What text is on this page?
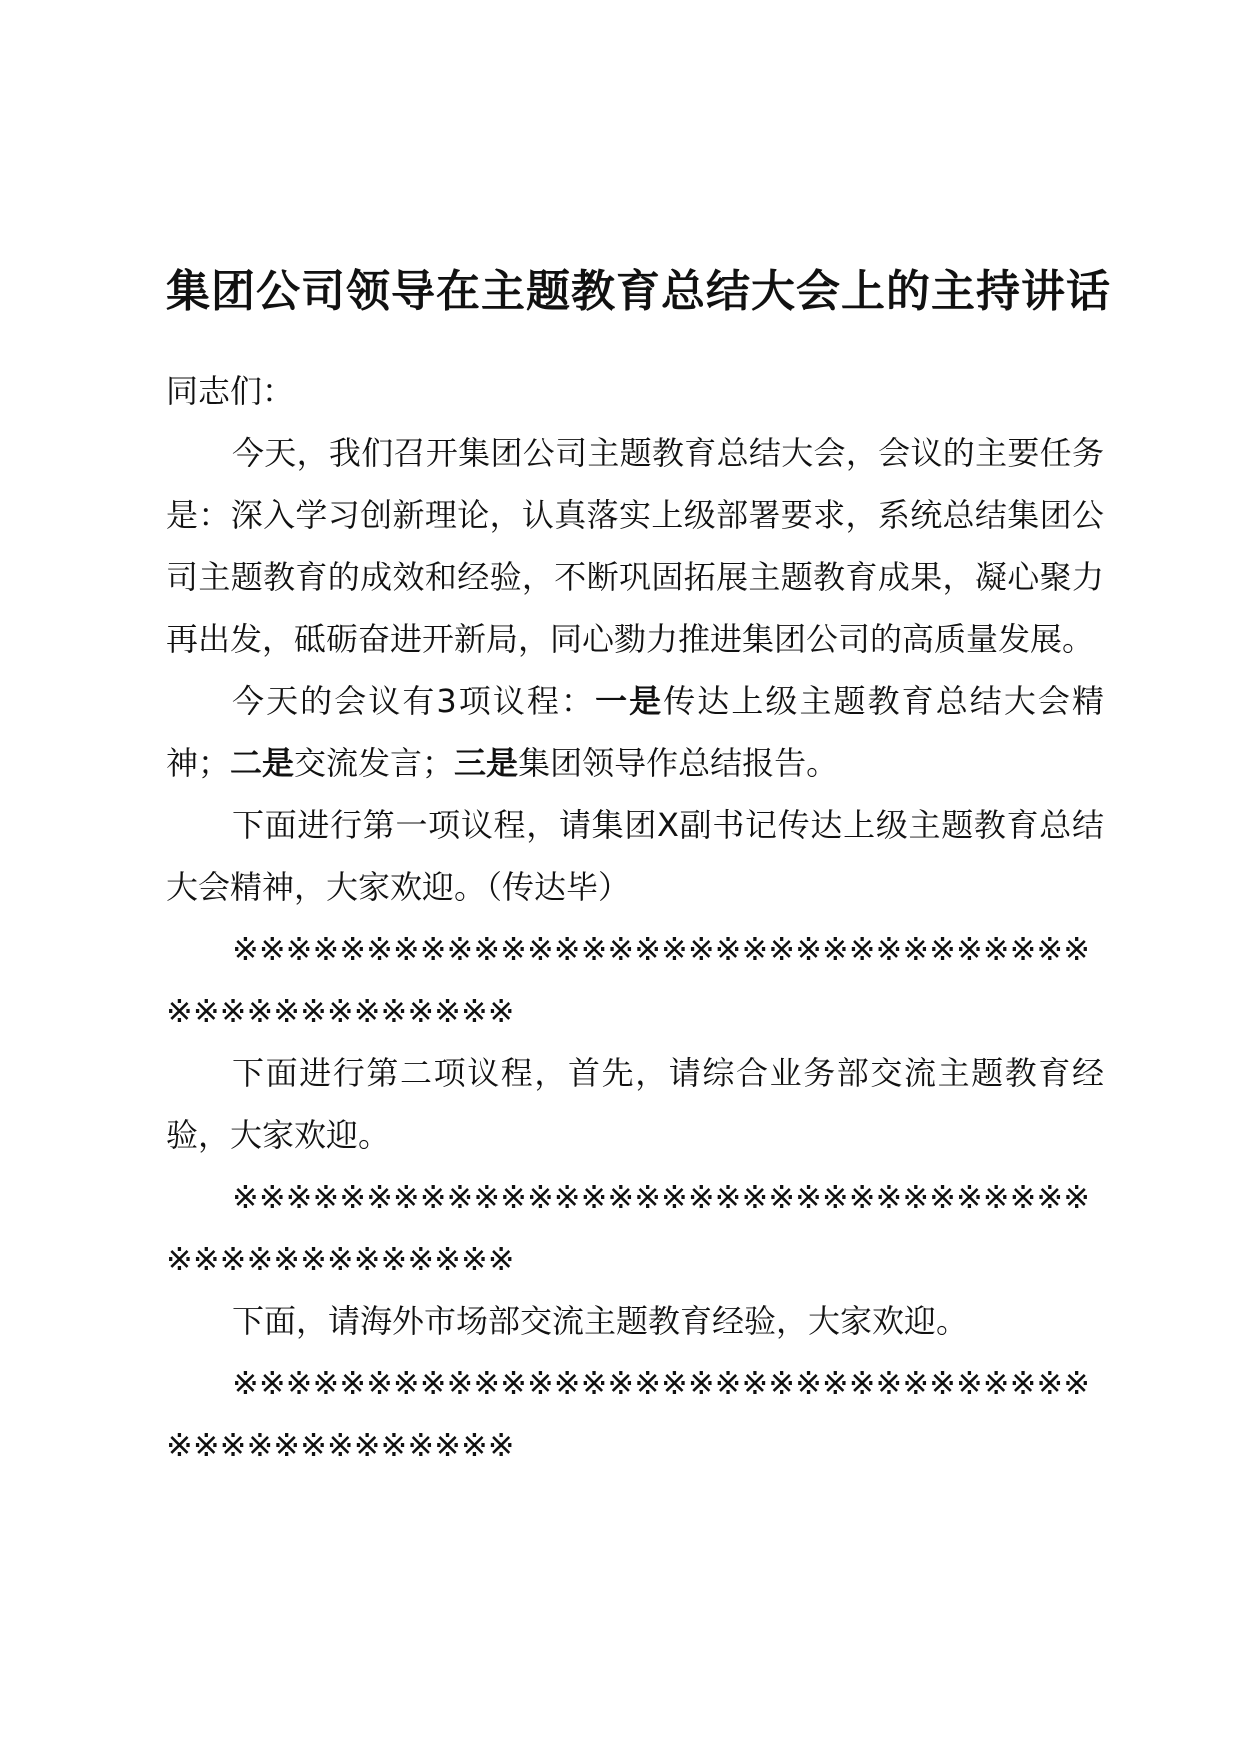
集团公司领导在主题教育总结大会上的主持讲话

同志们：

今天，我们召开集团公司主题教育总结大会，会议的主要任务是：深入学习创新理论，认真落实上级部署要求，系统总结集团公司主题教育的成效和经验，不断巩固拓展主题教育成果，凝心聚力再出发，砥砺奋进开新局，同心勠力推进集团公司的高质量发展。

今天的会议有3项议程：一是传达上级主题教育总结大会精神；二是交流发言；三是集团领导作总结报告。

下面进行第一项议程，请集团X副书记传达上级主题教育总结大会精神，大家欢迎。（传达毕）

※※※※※※※※※※※※※※※※※※※※※※※※※※※※※※※※※※※※※※※※※※※※※

下面进行第二项议程，首先，请综合业务部交流主题教育经验，大家欢迎。

※※※※※※※※※※※※※※※※※※※※※※※※※※※※※※※※※※※※※※※※※※※※※

下面，请海外市场部交流主题教育经验，大家欢迎。

※※※※※※※※※※※※※※※※※※※※※※※※※※※※※※※※※※※※※※※※※※※※※
